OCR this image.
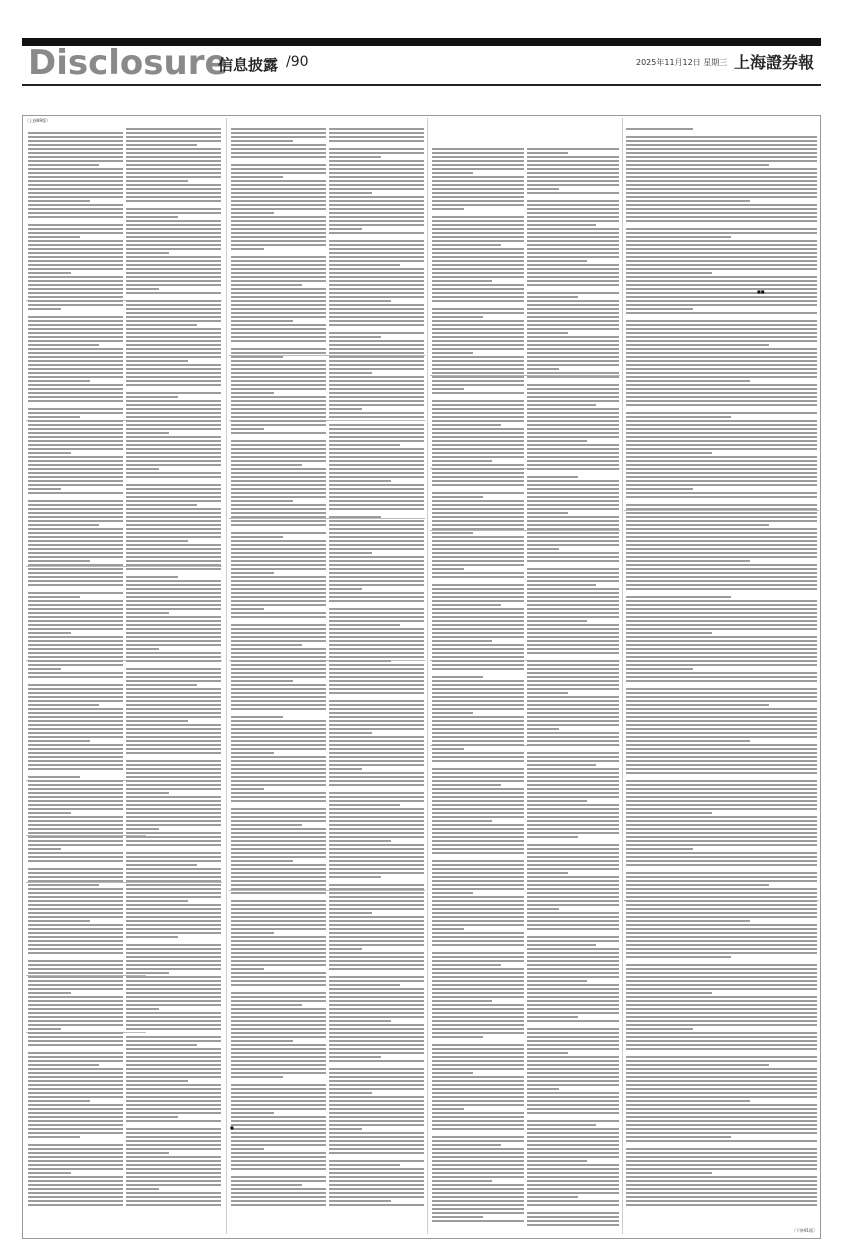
Disclosure
信息披露 /90	2025年11月12日 星期三 上海證券報
（上接89版）
（下转91版）
■■
■
